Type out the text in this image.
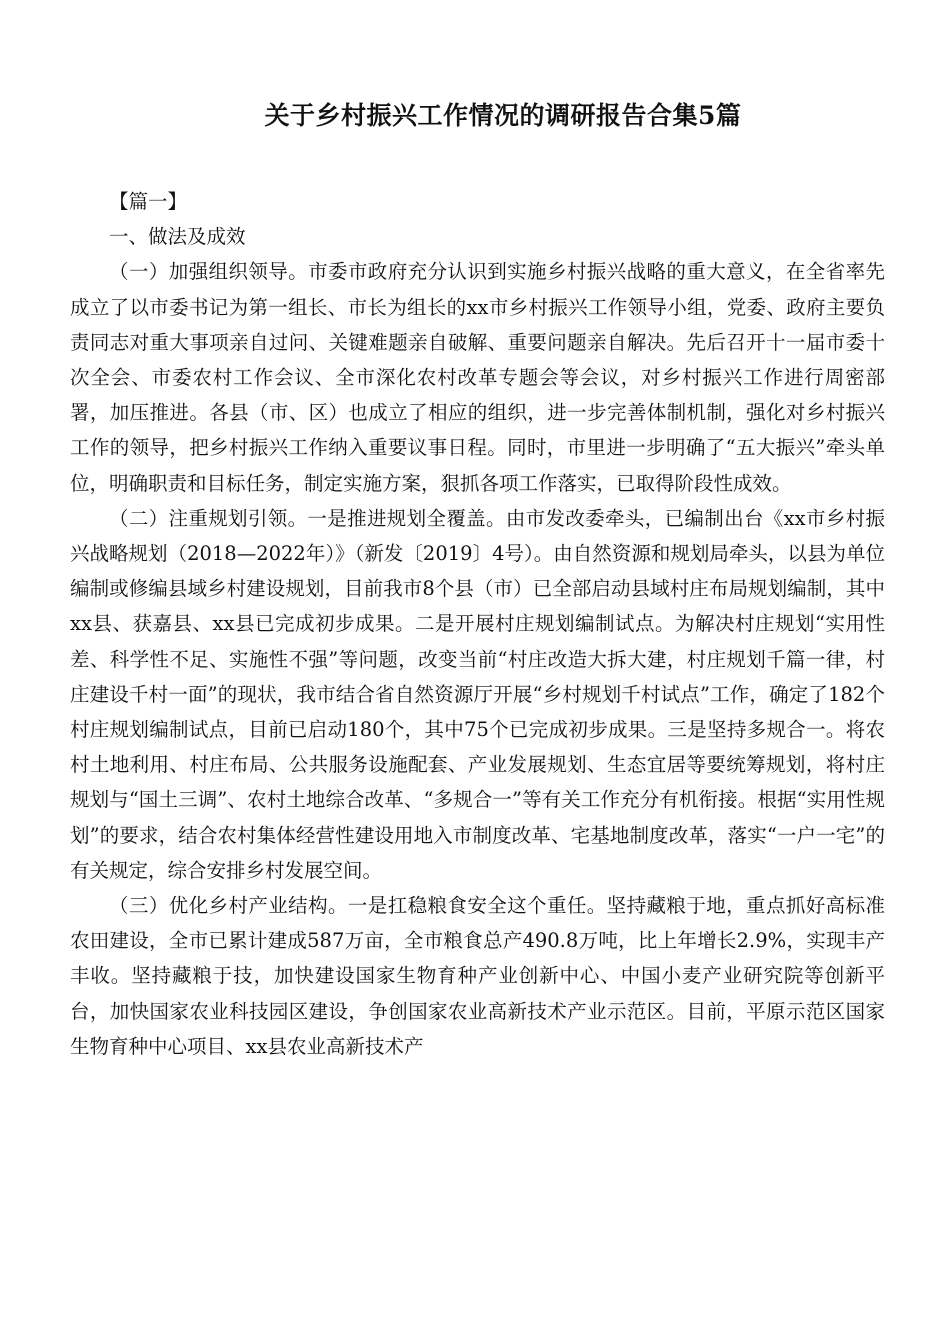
关于乡村振兴工作情况的调研报告合集5篇
【篇一】
一、做法及成效

（一）加强组织领导。市委市政府充分认识到实施乡村振兴战略的重大意义，在全省率先成立了以市委书记为第一组长、市长为组长的xx市乡村振兴工作领导小组，党委、政府主要负责同志对重大事项亲自过问、关键难题亲自破解、重要问题亲自解决。先后召开十一届市委十次全会、市委农村工作会议、全市深化农村改革专题会等会议，对乡村振兴工作进行周密部署，加压推进。各县（市、区）也成立了相应的组织，进一步完善体制机制，强化对乡村振兴工作的领导，把乡村振兴工作纳入重要议事日程。同时，市里进一步明确了“五大振兴”牵头单位，明确职责和目标任务，制定实施方案，狠抓各项工作落实，已取得阶段性成效。

（二）注重规划引领。一是推进规划全覆盖。由市发改委牵头，已编制出台《xx市乡村振兴战略规划（2018—2022年）》（新发〔2019〕4号）。由自然资源和规划局牵头，以县为单位编制或修编县域乡村建设规划，目前我市8个县（市）已全部启动县域村庄布局规划编制，其中xx县、获嘉县、xx县已完成初步成果。二是开展村庄规划编制试点。为解决村庄规划“实用性差、科学性不足、实施性不强”等问题，改变当前“村庄改造大拆大建，村庄规划千篇一律，村庄建设千村一面”的现状，我市结合省自然资源厅开展“乡村规划千村试点”工作，确定了182个村庄规划编制试点，目前已启动180个，其中75个已完成初步成果。三是坚持多规合一。将农村土地利用、村庄布局、公共服务设施配套、产业发展规划、生态宜居等要统筹规划，将村庄规划与“国土三调”、农村土地综合改革、“多规合一”等有关工作充分有机衔接。根据“实用性规划”的要求，结合农村集体经营性建设用地入市制度改革、宅基地制度改革，落实“一户一宅”的有关规定，综合安排乡村发展空间。

（三）优化乡村产业结构。一是扛稳粮食安全这个重任。坚持藏粮于地，重点抓好高标准农田建设，全市已累计建成587万亩，全市粮食总产490.8万吨，比上年增长2.9%，实现丰产丰收。坚持藏粮于技，加快建设国家生物育种产业创新中心、中国小麦产业研究院等创新平台，加快国家农业科技园区建设，争创国家农业高新技术产业示范区。目前，平原示范区国家生物育种中心项目、xx县农业高新技术产
